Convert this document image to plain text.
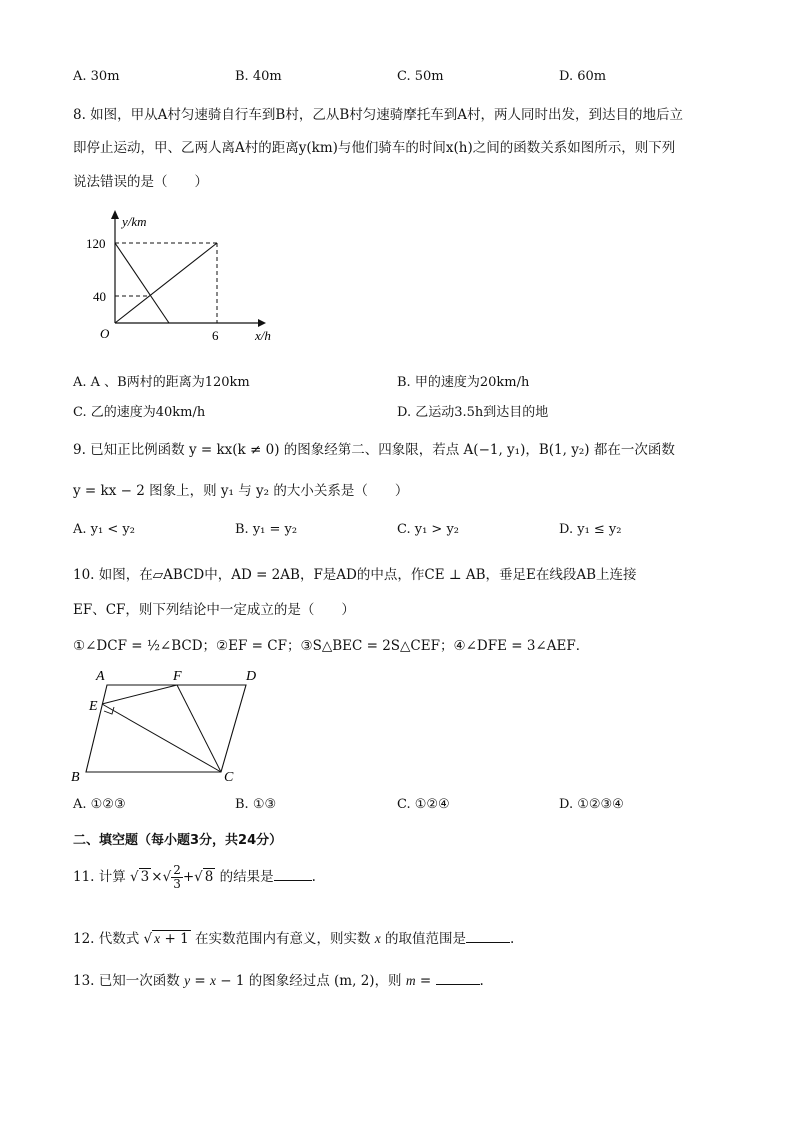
A. 30m	B. 40m	C. 50m	D. 60m
8. 如图，甲从A村匀速骑自行车到B村，乙从B村匀速骑摩托车到A村，两人同时出发，到达目的地后立
即停止运动，甲、乙两人离A村的距离y(km)与他们骑车的时间x(h)之间的函数关系如图所示，则下列
说法错误的是（　　）
y/km
x/h
120
40
6
O
A. A 、B两村的距离为120km	B. 甲的速度为20km/h
C. 乙的速度为40km/h	D. 乙运动3.5h到达目的地
9. 已知正比例函数 y = kx(k ≠ 0) 的图象经第二、四象限，若点 A(−1, y₁)，B(1, y₂) 都在一次函数
y = kx − 2 图象上，则 y₁ 与 y₂ 的大小关系是（　　）
A. y₁ < y₂	B. y₁ = y₂	C. y₁ > y₂	D. y₁ ≤ y₂
10. 如图，在▱ABCD中，AD = 2AB，F是AD的中点，作CE ⊥ AB，垂足E在线段AB上连接
EF、CF，则下列结论中一定成立的是（　　）
①∠DCF = ½∠BCD；②EF = CF；③S△BEC = 2S△CEF；④∠DFE = 3∠AEF．
A	F	D
E
B	C
A. ①②③	B. ①③	C. ①②④	D. ①②③④
二、填空题（每小题3分，共24分）
11. 计算 √ 3 ×√ $\frac{2}{3}$ +√ 8 的结果是	.
12. 代数式 √ x + 1 在实数范围内有意义，则实数 x 的取值范围是	.
13. 已知一次函数 y = x − 1 的图象经过点 (m, 2)，则 m =	.
